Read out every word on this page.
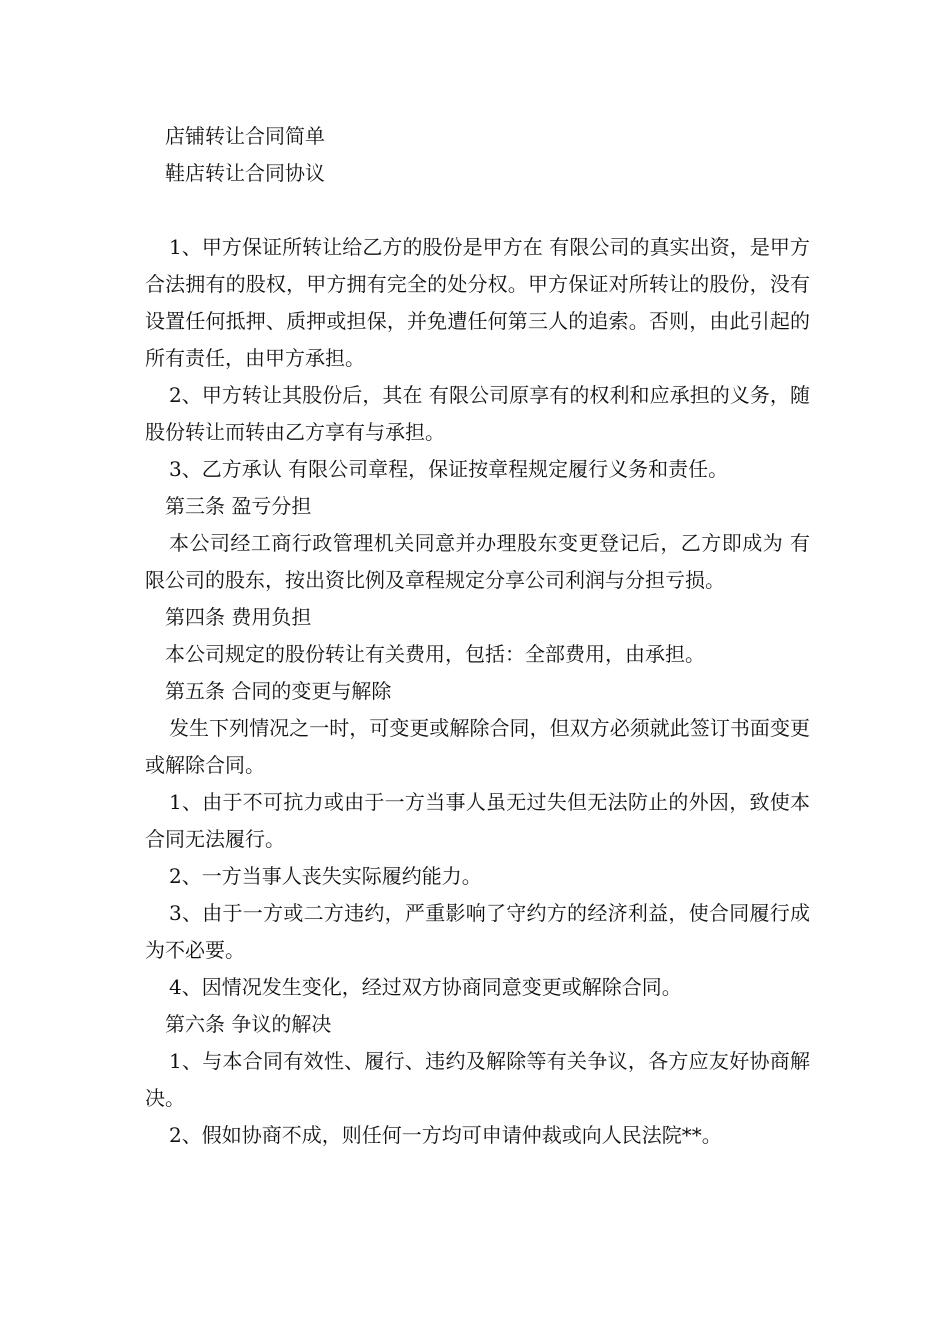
店铺转让合同简单
鞋店转让合同协议
1、甲方保证所转让给乙方的股份是甲方在 有限公司的真实出资，是甲方合法拥有的股权，甲方拥有完全的处分权。甲方保证对所转让的股份，没有设置任何抵押、质押或担保，并免遭任何第三人的追索。否则，由此引起的所有责任，由甲方承担。
2、甲方转让其股份后，其在 有限公司原享有的权利和应承担的义务，随股份转让而转由乙方享有与承担。
3、乙方承认 有限公司章程，保证按章程规定履行义务和责任。
第三条 盈亏分担
本公司经工商行政管理机关同意并办理股东变更登记后，乙方即成为 有限公司的股东，按出资比例及章程规定分享公司利润与分担亏损。
第四条 费用负担
本公司规定的股份转让有关费用，包括：全部费用，由承担。
第五条 合同的变更与解除
发生下列情况之一时，可变更或解除合同，但双方必须就此签订书面变更或解除合同。
1、由于不可抗力或由于一方当事人虽无过失但无法防止的外因，致使本合同无法履行。
2、一方当事人丧失实际履约能力。
3、由于一方或二方违约，严重影响了守约方的经济利益，使合同履行成为不必要。
4、因情况发生变化，经过双方协商同意变更或解除合同。
第六条 争议的解决
1、与本合同有效性、履行、违约及解除等有关争议，各方应友好协商解决。
2、假如协商不成，则任何一方均可申请仲裁或向人民法院**。
